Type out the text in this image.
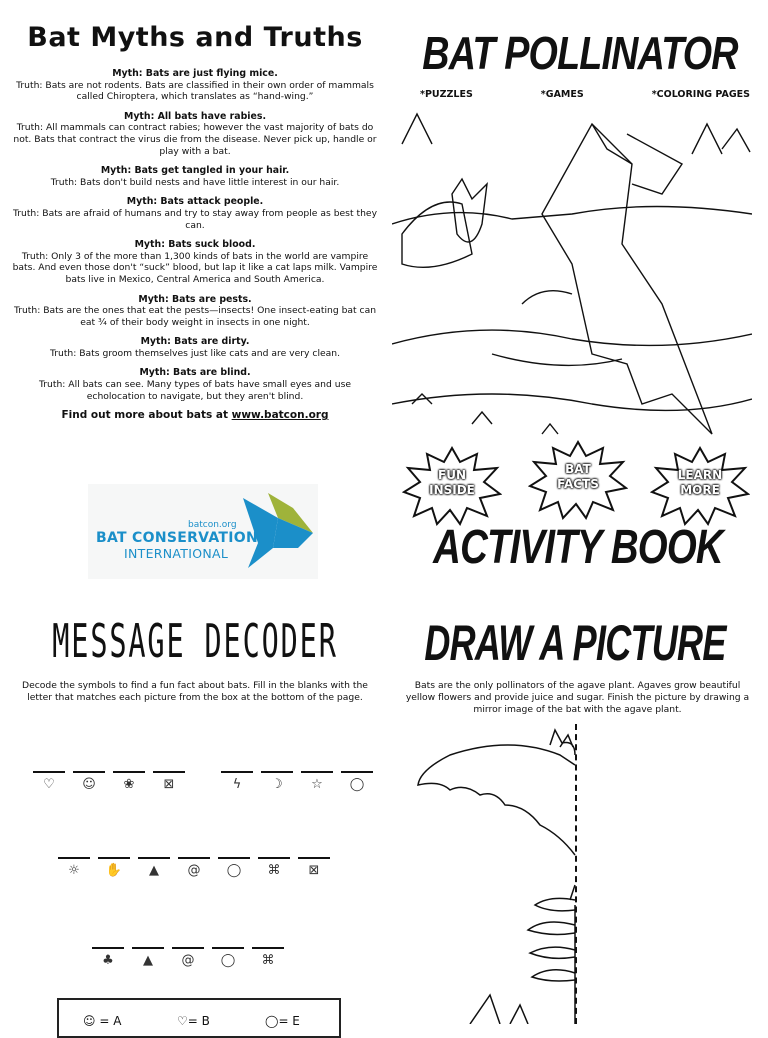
Bat Myths and Truths
Myth: Bats are just flying mice.
Truth: Bats are not rodents. Bats are classified in their own order of mammals called Chiroptera, which translates as “hand-wing.”
Myth: All bats have rabies.
Truth: All mammals can contract rabies; however the vast majority of bats do not. Bats that contract the virus die from the disease. Never pick up, handle or play with a bat.
Myth: Bats get tangled in your hair.
Truth: Bats don't build nests and have little interest in our hair.
Myth: Bats attack people.
Truth: Bats are afraid of humans and try to stay away from people as best they can.
Myth: Bats suck blood.
Truth: Only 3 of the more than 1,300 kinds of bats in the world are vampire bats. And even those don't “suck” blood, but lap it like a cat laps milk. Vampire bats live in Mexico, Central America and South America.
Myth: Bats are pests.
Truth: Bats are the ones that eat the pests—insects! One insect-eating bat can eat ¾ of their body weight in insects in one night.
Myth: Bats are dirty.
Truth: Bats groom themselves just like cats and are very clean.
Myth: Bats are blind.
Truth: All bats can see. Many types of bats have small eyes and use echolocation to navigate, but they aren't blind.
Find out more about bats at www.batcon.org
batcon.org
BAT CONSERVATION
INTERNATIONAL
BAT POLLINATOR
*PUZZLES	*GAMES	*COLORING PAGES
FUN
INSIDE
BAT
FACTS
LEARN
MORE
ACTIVITY BOOK
MESSAGE DECODER
Decode the symbols to find a fun fact about bats. Fill in the blanks with the letter that matches each picture from the box at the bottom of the page.
♡	☺	❀	⊠	ϟ	☽	☆	◯
☼	✋	▲	@	◯	⌘	⊠
♣	▲	@	◯	⌘
☺ = A	♡= B	◯= E
DRAW A PICTURE
Bats are the only pollinators of the agave plant. Agaves grow beautiful yellow flowers and provide juice and sugar. Finish the picture by drawing a mirror image of the bat with the agave plant.
